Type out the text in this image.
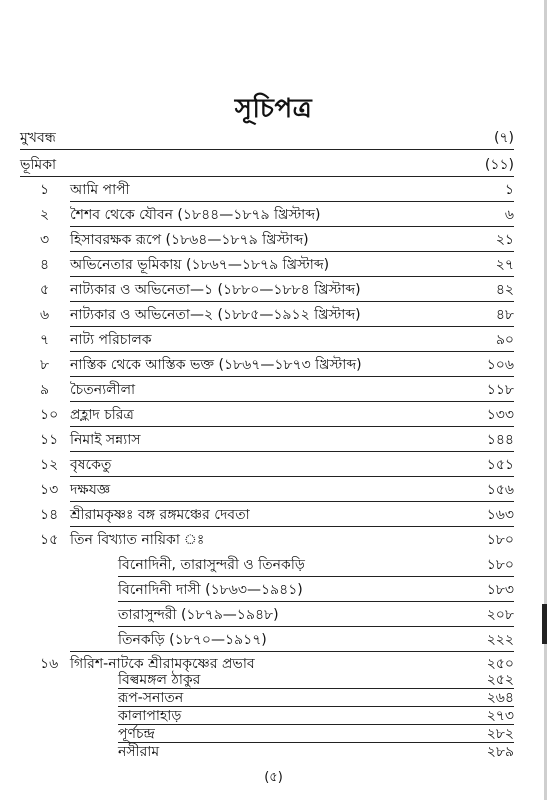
সূচিপত্র
মুখবন্ধ	(৭)
ভূমিকা	(১১)
১ আমি পাপী	১
২ শৈশব থেকে যৌবন (১৮৪৪—১৮৭৯ খ্রিস্টাব্দ)	৬
৩ হিসাবরক্ষক রূপে (১৮৬৪—১৮৭৯ খ্রিস্টাব্দ)	২১
৪ অভিনেতার ভূমিকায় (১৮৬৭—১৮৭৯ খ্রিস্টাব্দ)	২৭
৫ নাট্যকার ও অভিনেতা—১ (১৮৮০—১৮৮৪ খ্রিস্টাব্দ)	৪২
৬ নাট্যকার ও অভিনেতা—২ (১৮৮৫—১৯১২ খ্রিস্টাব্দ)	৪৮
৭ নাট্য পরিচালক	৯০
৮ নাস্তিক থেকে আস্তিক ভক্ত (১৮৬৭—১৮৭৩ খ্রিস্টাব্দ)	১০৬
৯ চৈতন্যলীলা	১১৮
১০ প্রহ্লাদ চরিত্র	১৩৩
১১ নিমাই সন্ন্যাস	১৪৪
১২ বৃষকেতু	১৫১
১৩ দক্ষযজ্ঞ	১৫৬
১৪ শ্রীরামকৃষ্ণঃ বঙ্গ রঙ্গমঞ্চের দেবতা	১৬৩
১৫ তিন বিখ্যাত নায়িকা ঃ	১৮০
বিনোদিনী, তারাসুন্দরী ও তিনকড়ি	১৮০
বিনোদিনী দাসী (১৮৬৩—১৯৪১)	১৮৩
তারাসুন্দরী (১৮৭৯—১৯৪৮)	২০৮
তিনকড়ি (১৮৭০—১৯১৭)	২২২
১৬ গিরিশ-নাটকে শ্রীরামকৃষ্ণের প্রভাব	২৫০
বিল্বমঙ্গল ঠাকুর	২৫২
রূপ-সনাতন	২৬৪
কালাপাহাড়	২৭৩
পূর্ণচন্দ্র	২৮২
(৫)
নসীরাম	২৮৯
